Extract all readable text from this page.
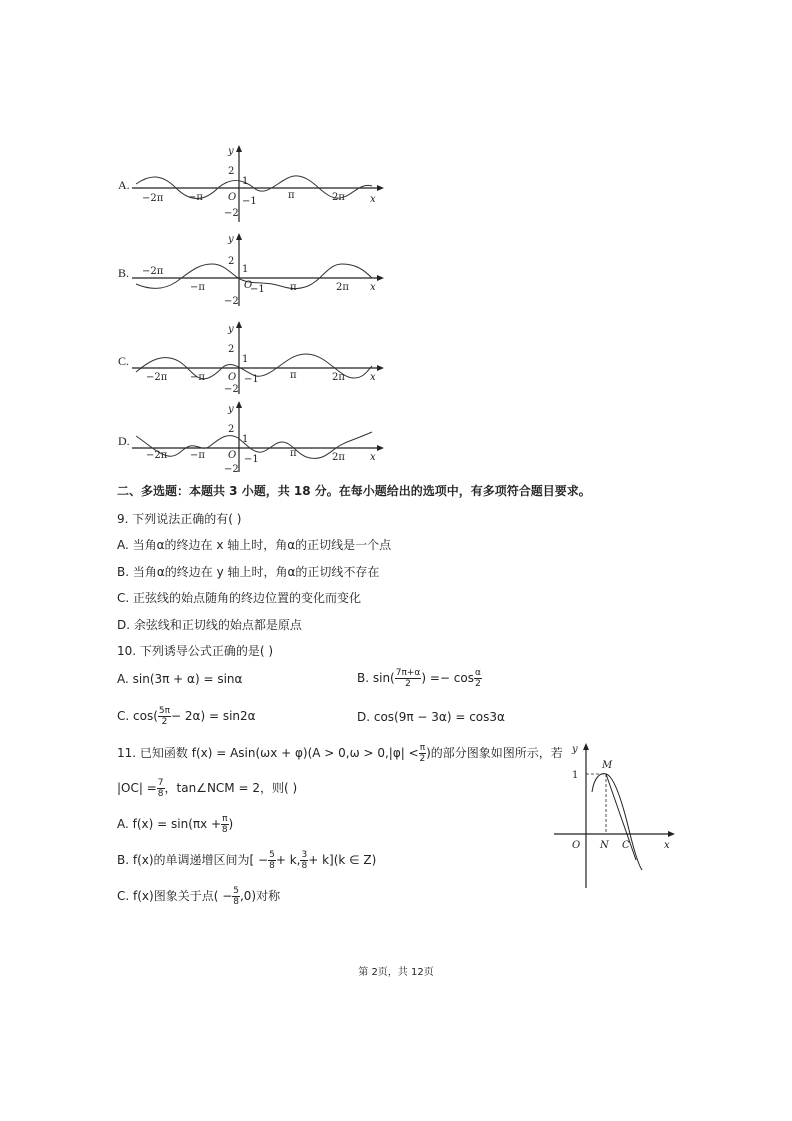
A.
y
2
1
O −1
−2
−2π −π	π	2π	x
B.
y
2
1
O
−1
−2
−2π
−π	π	2π x
C.
y
2
1
O −1
−2
−2π −π	π	2π	x
D.
y
2
1
O −1
−2
−2π −π	π	2π	x
二、多选题：本题共 3 小题，共 18 分。在每小题给出的选项中，有多项符合题目要求。
9. 下列说法正确的有( )
A. 当角α的终边在 x 轴上时，角α的正切线是一个点
B. 当角α的终边在 y 轴上时，角α的正切线不存在
C. 正弦线的始点随角的终边位置的变化而变化
D. 余弦线和正切线的始点都是原点
10. 下列诱导公式正确的是( )
A. sin(3π + α) = sinα	B. $\sin( \frac{7\pi+\alpha}{2}$ ) =− $\cos \frac{\alpha}{2}$
C. $\cos( \frac{5\pi}{2} - 2\alpha) = \sin 2\alpha$	D. cos(9π − 3α) = cos3α
11. 已知函数 $f(x) = Asin(\omega x + \varphi)(A > 0,\omega > 0,|\varphi| < \frac{\pi}{2}$ )的部分图象如图所示，若
$|OC| = \frac{7}{8}$ ，tan∠NCM = 2，则( )
A. $f(x) = \sin(\pi x + \frac{\pi}{8}$ )
B. f(x)的单调递增区间为[ − $\frac{5}{8} + k$, $\frac{3}{8} + k](k$ ∈ Z)
C. f(x)图象关于点( − $\frac{5}{8} ,0$)对称
y
1
M
O N C	x
第 2页，共 12页
